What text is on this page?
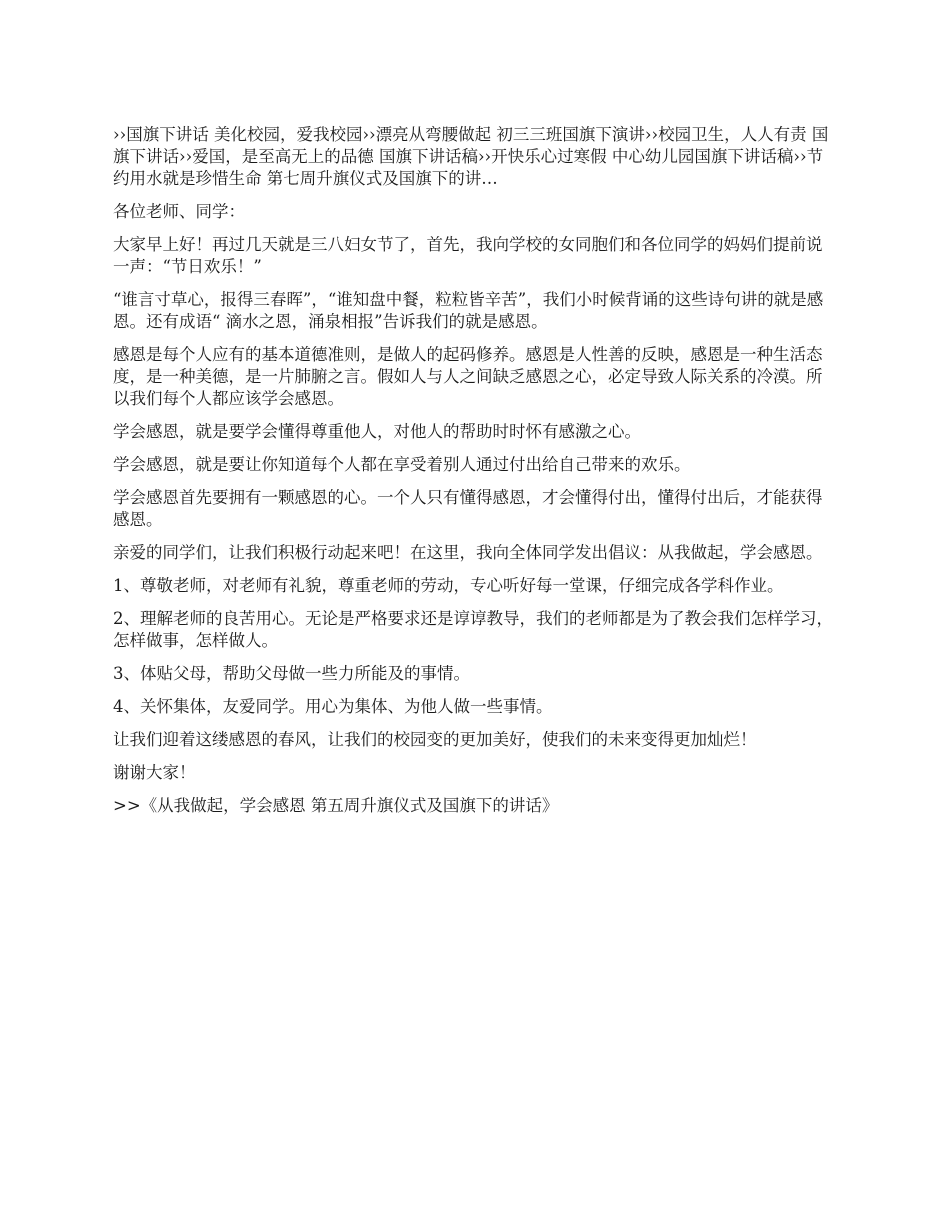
››国旗下讲话 美化校园，爱我校园››漂亮从弯腰做起 初三三班国旗下演讲››校园卫生，人人有责 国旗下讲话››爱国，是至高无上的品德 国旗下讲话稿››开快乐心过寒假 中心幼儿园国旗下讲话稿››节约用水就是珍惜生命 第七周升旗仪式及国旗下的讲…

各位老师、同学：

大家早上好！再过几天就是三八妇女节了，首先，我向学校的女同胞们和各位同学的妈妈们提前说一声：“节日欢乐！”

“谁言寸草心，报得三春晖”，“谁知盘中餐，粒粒皆辛苦”，我们小时候背诵的这些诗句讲的就是感恩。还有成语“ 滴水之恩，涌泉相报”告诉我们的就是感恩。

感恩是每个人应有的基本道德准则，是做人的起码修养。感恩是人性善的反映，感恩是一种生活态度，是一种美德，是一片肺腑之言。假如人与人之间缺乏感恩之心，必定导致人际关系的冷漠。所以我们每个人都应该学会感恩。

学会感恩，就是要学会懂得尊重他人，对他人的帮助时时怀有感激之心。

学会感恩，就是要让你知道每个人都在享受着别人通过付出给自己带来的欢乐。

学会感恩首先要拥有一颗感恩的心。一个人只有懂得感恩，才会懂得付出，懂得付出后，才能获得感恩。

亲爱的同学们，让我们积极行动起来吧！在这里，我向全体同学发出倡议：从我做起，学会感恩。

1、尊敬老师，对老师有礼貌，尊重老师的劳动，专心听好每一堂课，仔细完成各学科作业。

2、理解老师的良苦用心。无论是严格要求还是谆谆教导，我们的老师都是为了教会我们怎样学习，怎样做事，怎样做人。

3、体贴父母，帮助父母做一些力所能及的事情。

4、关怀集体，友爱同学。用心为集体、为他人做一些事情。

让我们迎着这缕感恩的春风，让我们的校园变的更加美好，使我们的未来变得更加灿烂！

谢谢大家！

>>《从我做起，学会感恩 第五周升旗仪式及国旗下的讲话》
